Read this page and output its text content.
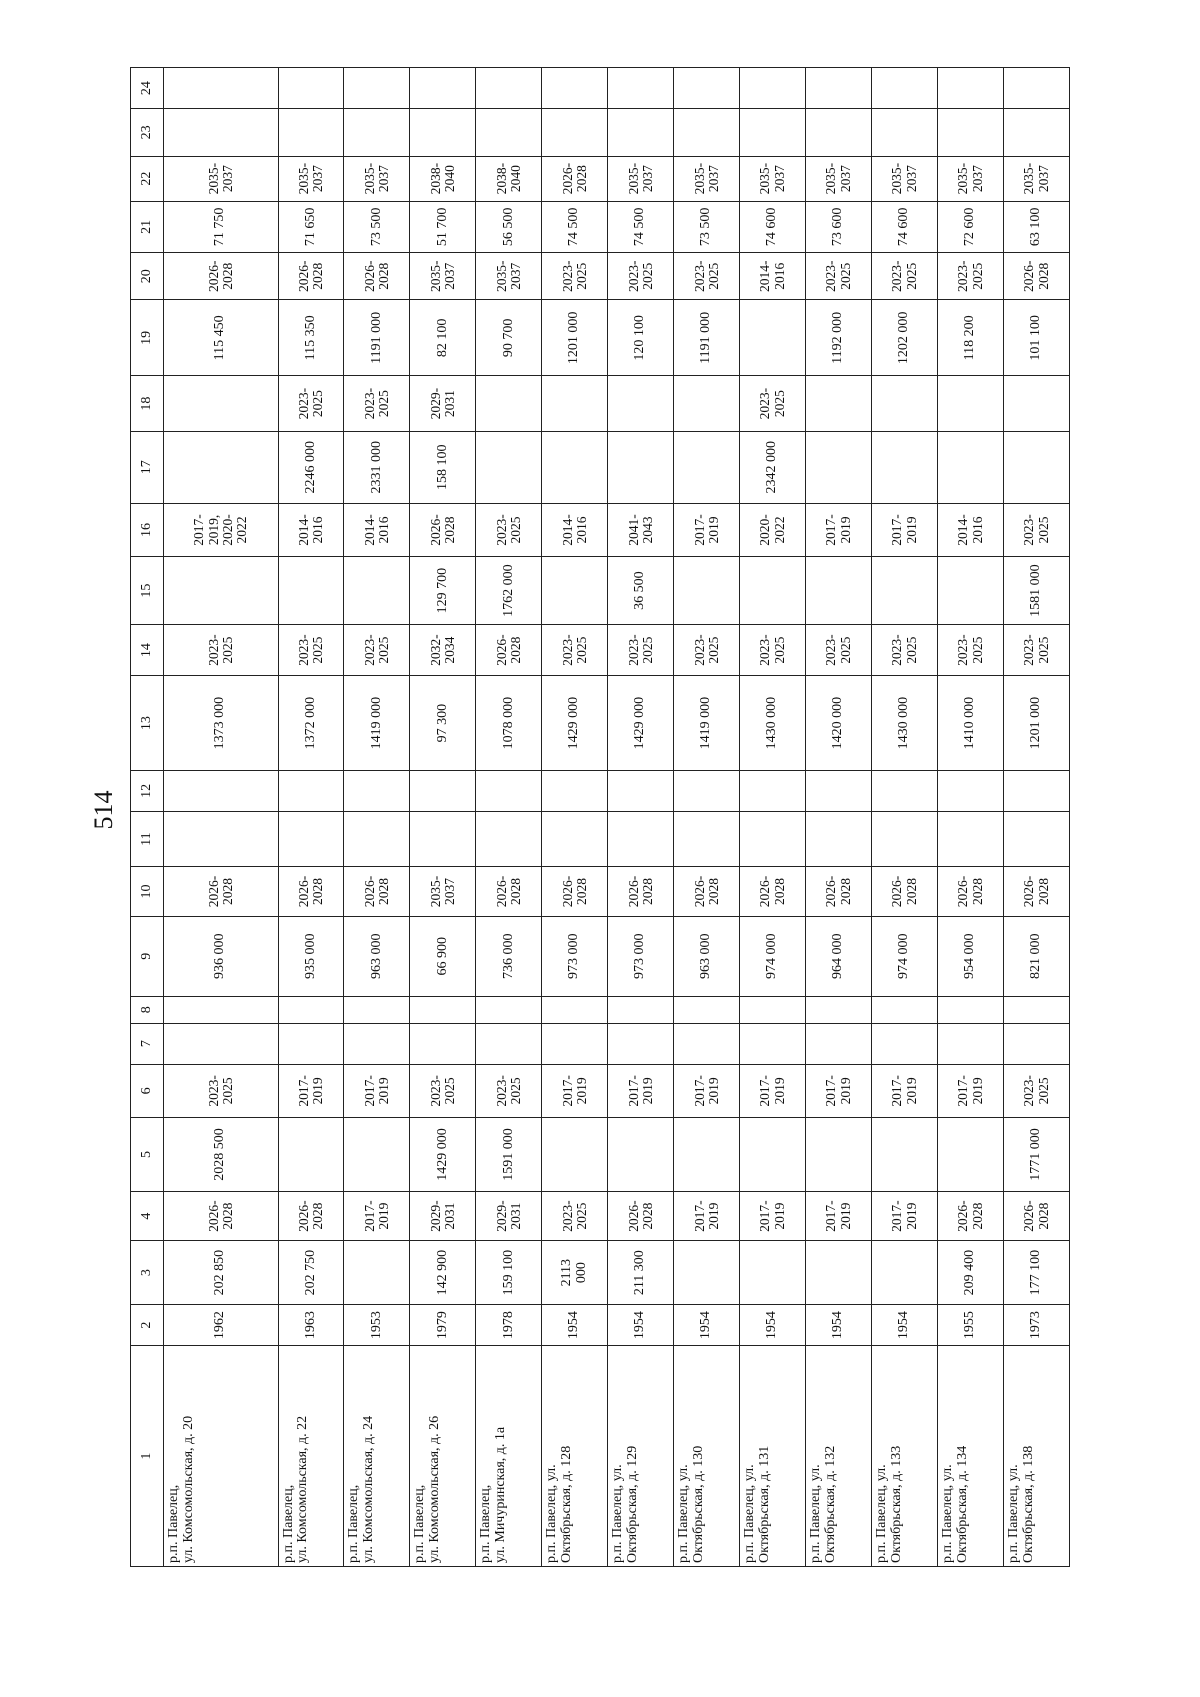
514
1	2	3	4	5	6	7	8	9	10	11	12	13	14	15	16	17	18	19	20	21	22	23	24
р.п. Павелец,
ул. Комсомольская, д. 20	1962	202 850	2026-
2028	2028 500	2023-
2025			936 000	2026-
2028			1373 000	2023-
2025		2017-
2019,
2020-
2022			115 450	2026-
2028	71 750	2035-
2037		
р.п. Павелец,
ул. Комсомольская, д. 22	1963	202 750	2026-
2028		2017-
2019			935 000	2026-
2028			1372 000	2023-
2025		2014-
2016	2246 000	2023-
2025	115 350	2026-
2028	71 650	2035-
2037		
р.п. Павелец,
ул. Комсомольская, д. 24	1953		2017-
2019		2017-
2019			963 000	2026-
2028			1419 000	2023-
2025		2014-
2016	2331 000	2023-
2025	1191 000	2026-
2028	73 500	2035-
2037		
р.п. Павелец,
ул. Комсомольская, д. 26	1979	142 900	2029-
2031	1429 000	2023-
2025			66 900	2035-
2037			97 300	2032-
2034	129 700	2026-
2028	158 100	2029-
2031	82 100	2035-
2037	51 700	2038-
2040		
р.п. Павелец,
ул. Мичуринская, д. 1а	1978	159 100	2029-
2031	1591 000	2023-
2025			736 000	2026-
2028			1078 000	2026-
2028	1762 000	2023-
2025			90 700	2035-
2037	56 500	2038-
2040		
р.п. Павелец, ул.
Октябрьская, д. 128	1954	2113
000	2023-
2025		2017-
2019			973 000	2026-
2028			1429 000	2023-
2025		2014-
2016			1201 000	2023-
2025	74 500	2026-
2028		
р.п. Павелец, ул.
Октябрьская, д. 129	1954	211 300	2026-
2028		2017-
2019			973 000	2026-
2028			1429 000	2023-
2025	36 500	2041-
2043			120 100	2023-
2025	74 500	2035-
2037		
р.п. Павелец, ул.
Октябрьская, д. 130	1954		2017-
2019		2017-
2019			963 000	2026-
2028			1419 000	2023-
2025		2017-
2019			1191 000	2023-
2025	73 500	2035-
2037		
р.п. Павелец, ул.
Октябрьская, д. 131	1954		2017-
2019		2017-
2019			974 000	2026-
2028			1430 000	2023-
2025		2020-
2022	2342 000	2023-
2025		2014-
2016	74 600	2035-
2037		
р.п. Павелец, ул.
Октябрьская, д. 132	1954		2017-
2019		2017-
2019			964 000	2026-
2028			1420 000	2023-
2025		2017-
2019			1192 000	2023-
2025	73 600	2035-
2037		
р.п. Павелец, ул.
Октябрьская, д. 133	1954		2017-
2019		2017-
2019			974 000	2026-
2028			1430 000	2023-
2025		2017-
2019			1202 000	2023-
2025	74 600	2035-
2037		
р.п. Павелец, ул.
Октябрьская, д. 134	1955	209 400	2026-
2028		2017-
2019			954 000	2026-
2028			1410 000	2023-
2025		2014-
2016			118 200	2023-
2025	72 600	2035-
2037		
р.п. Павелец, ул.
Октябрьская, д. 138	1973	177 100	2026-
2028	1771 000	2023-
2025			821 000	2026-
2028			1201 000	2023-
2025	1581 000	2023-
2025			101 100	2026-
2028	63 100	2035-
2037		
